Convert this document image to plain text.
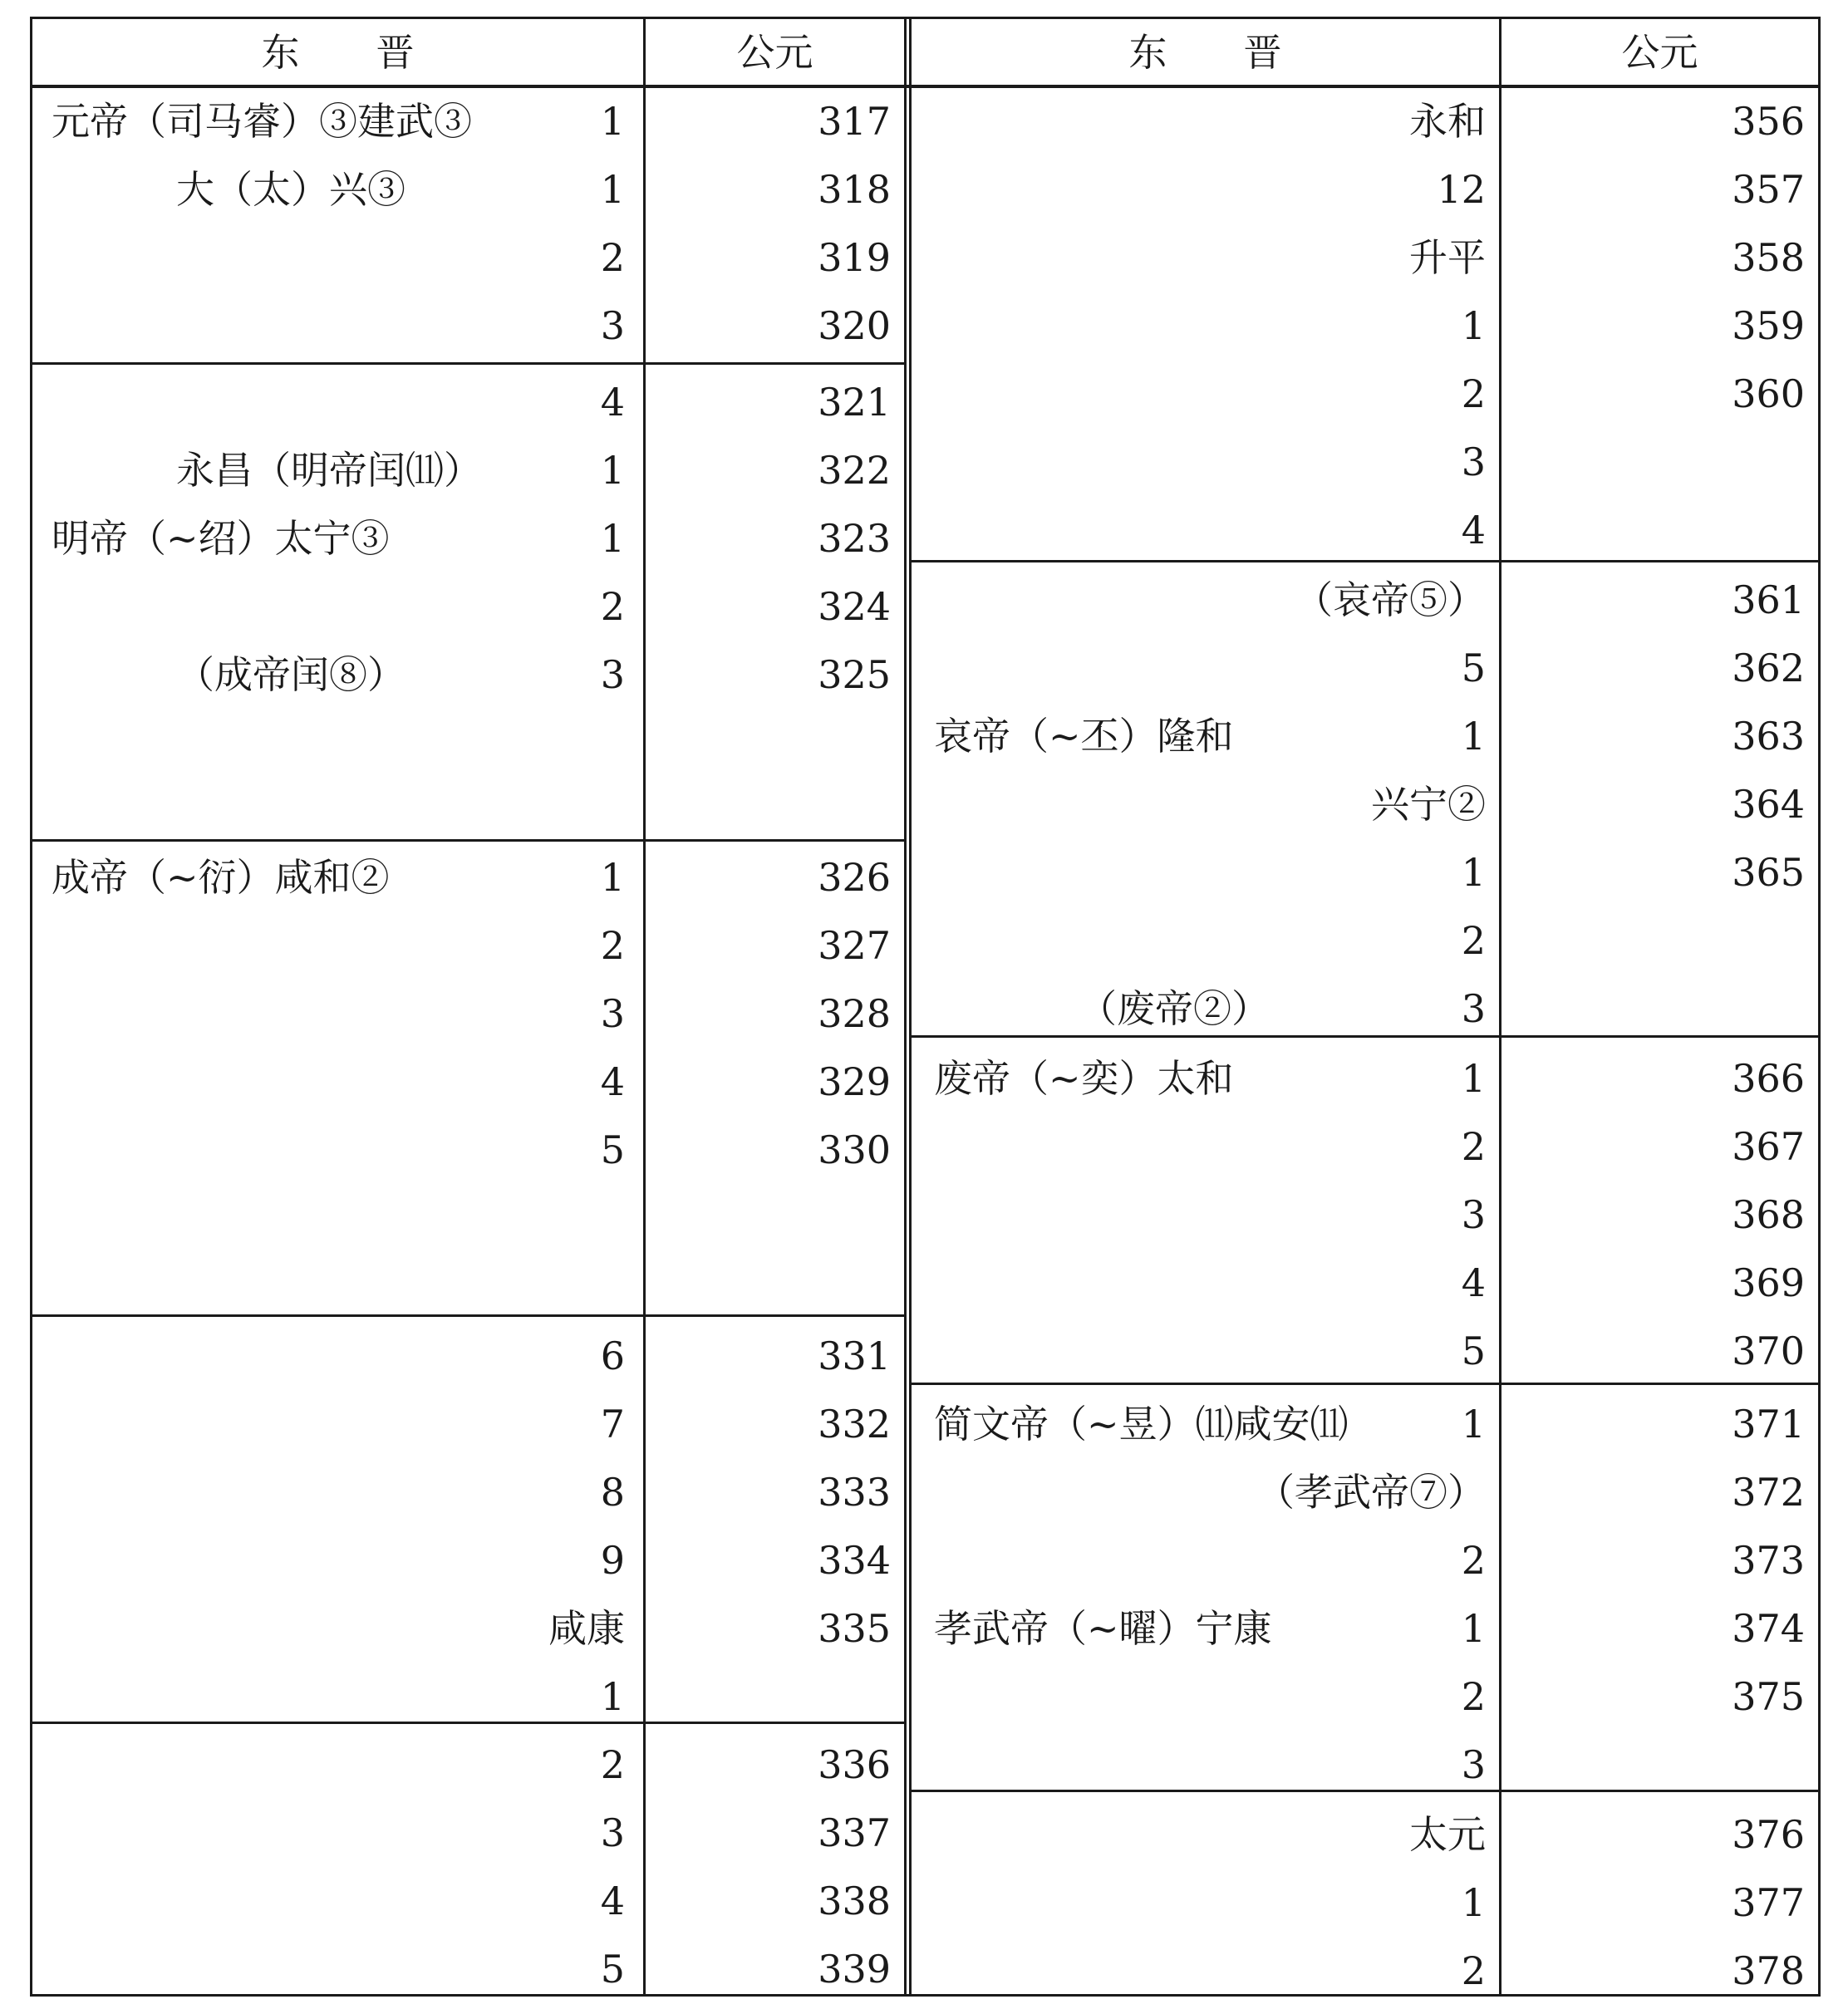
东　　晋	公元	东　　晋	公元
元帝（司马睿）③建武③	1	317
大（太）兴③	1	318
2	319
3	320
4	321
永昌（明帝闰⑾）	1	322
明帝（~绍）太宁③	1	323
2	324
（成帝闰⑧）	3	325
成帝（~衍）咸和②	1	326
2	327
3	328
4	329
5	330
6	331
7	332
8	333
9	334
咸康	335
1
2	336
3	337
4	338
5	339
永和	356
12	357
升平	358
1	359
2	360
3
4
（哀帝⑤）	361
5	362
哀帝（~丕）隆和	1	363
兴宁②	364
1	365
2
（废帝②）	3
废帝（~奕）太和	1	366
2	367
3	368
4	369
5	370
简文帝（~昱）⑾咸安⑾	1	371
（孝武帝⑦）	372
2	373
孝武帝（~曜）宁康	1	374
2	375
3
太元	376
1	377
2	378
